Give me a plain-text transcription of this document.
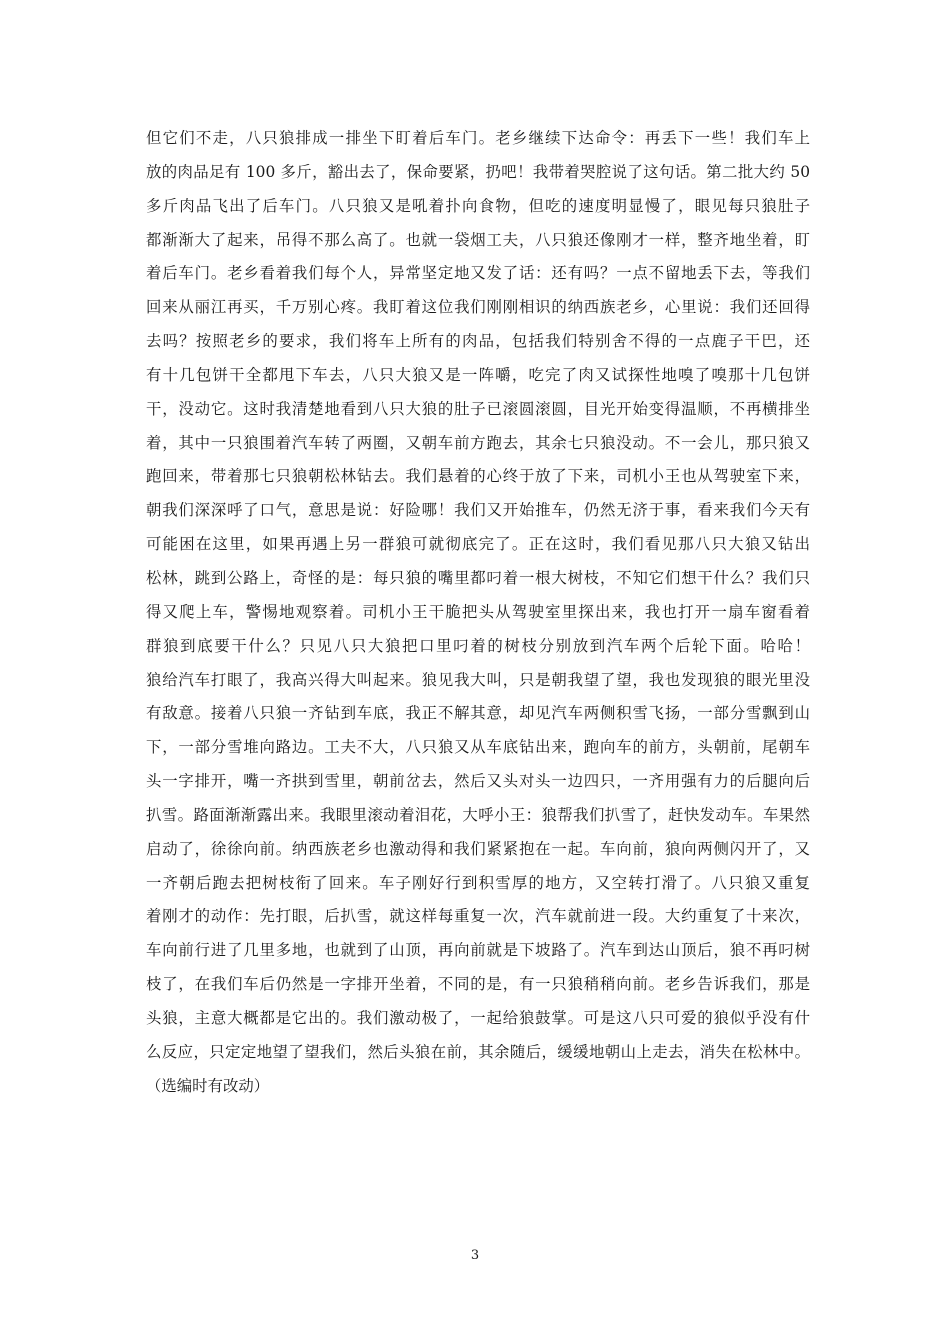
但它们不走，八只狼排成一排坐下盯着后车门。老乡继续下达命令：再丢下一些！我们车上
放的肉品足有 100 多斤，豁出去了，保命要紧，扔吧！我带着哭腔说了这句话。第二批大约 50
多斤肉品飞出了后车门。八只狼又是吼着扑向食物，但吃的速度明显慢了，眼见每只狼肚子
都渐渐大了起来，吊得不那么高了。也就一袋烟工夫，八只狼还像刚才一样，整齐地坐着，盯
着后车门。老乡看着我们每个人，异常坚定地又发了话：还有吗？一点不留地丢下去，等我们
回来从丽江再买，千万别心疼。我盯着这位我们刚刚相识的纳西族老乡，心里说：我们还回得
去吗？按照老乡的要求，我们将车上所有的肉品，包括我们特别舍不得的一点鹿子干巴，还
有十几包饼干全都甩下车去，八只大狼又是一阵嚼，吃完了肉又试探性地嗅了嗅那十几包饼
干，没动它。这时我清楚地看到八只大狼的肚子已滚圆滚圆，目光开始变得温顺，不再横排坐
着，其中一只狼围着汽车转了两圈，又朝车前方跑去，其余七只狼没动。不一会儿，那只狼又
跑回来，带着那七只狼朝松林钻去。我们悬着的心终于放了下来，司机小王也从驾驶室下来，
朝我们深深呼了口气，意思是说：好险哪！我们又开始推车，仍然无济于事，看来我们今天有
可能困在这里，如果再遇上另一群狼可就彻底完了。正在这时，我们看见那八只大狼又钻出
松林，跳到公路上，奇怪的是：每只狼的嘴里都叼着一根大树枝，不知它们想干什么？我们只
得又爬上车，警惕地观察着。司机小王干脆把头从驾驶室里探出来，我也打开一扇车窗看着
群狼到底要干什么？只见八只大狼把口里叼着的树枝分别放到汽车两个后轮下面。哈哈！
狼给汽车打眼了，我高兴得大叫起来。狼见我大叫，只是朝我望了望，我也发现狼的眼光里没
有敌意。接着八只狼一齐钻到车底，我正不解其意，却见汽车两侧积雪飞扬，一部分雪飘到山
下，一部分雪堆向路边。工夫不大，八只狼又从车底钻出来，跑向车的前方，头朝前，尾朝车
头一字排开，嘴一齐拱到雪里，朝前岔去，然后又头对头一边四只，一齐用强有力的后腿向后
扒雪。路面渐渐露出来。我眼里滚动着泪花，大呼小王：狼帮我们扒雪了，赶快发动车。车果然
启动了，徐徐向前。纳西族老乡也激动得和我们紧紧抱在一起。车向前，狼向两侧闪开了，又
一齐朝后跑去把树枝衔了回来。车子刚好行到积雪厚的地方，又空转打滑了。八只狼又重复
着刚才的动作：先打眼，后扒雪，就这样每重复一次，汽车就前进一段。大约重复了十来次，
车向前行进了几里多地，也就到了山顶，再向前就是下坡路了。汽车到达山顶后，狼不再叼树
枝了，在我们车后仍然是一字排开坐着，不同的是，有一只狼稍稍向前。老乡告诉我们，那是
头狼，主意大概都是它出的。我们激动极了，一起给狼鼓掌。可是这八只可爱的狼似乎没有什
么反应，只定定地望了望我们，然后头狼在前，其余随后，缓缓地朝山上走去，消失在松林中。
（选编时有改动）
3
